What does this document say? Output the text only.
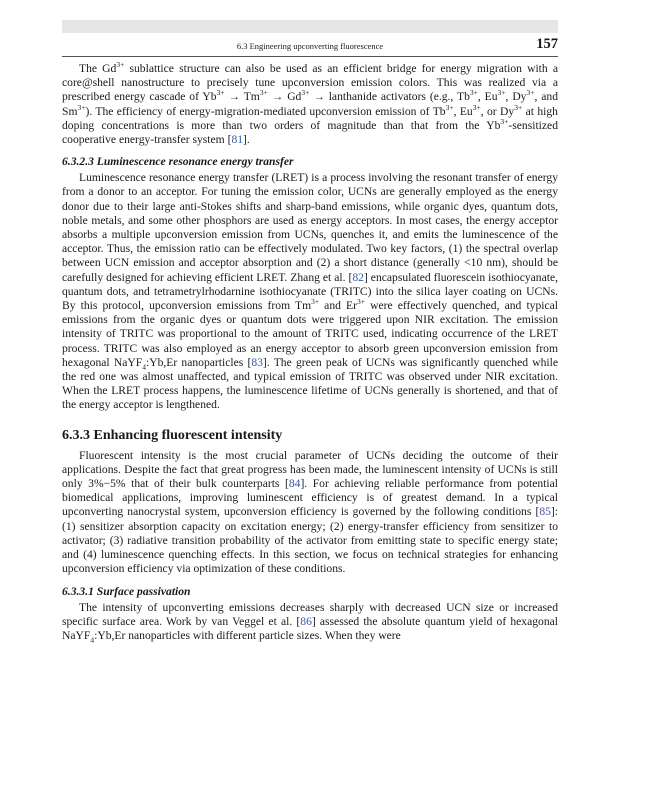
6.3 Engineering upconverting fluorescence	157

The $Gd^{3+}$ sublattice structure can also be used as an efficient bridge for energy migration with a core@shell nanostructure to precisely tune upconversion emission colors. This was realized via a prescribed energy cascade of $Yb^{3+} \to Tm^{3+} \to Gd^{3+}$ → lanthanide activators (e.g., $Tb^{3+}$, $Eu^{3+}$, $Dy^{3+}$, and $Sm^{3+}$). The efficiency of energy-migration-mediated upconversion emission of $Tb^{3+}$, $Eu^{3+}$, or $Dy^{3+}$ at high doping concentrations is more than two orders of magnitude than that from the $Yb^{3+}$-sensitized cooperative energy-transfer system [81].

6.3.2.3 Luminescence resonance energy transfer

Luminescence resonance energy transfer (LRET) is a process involving the resonant transfer of energy from a donor to an acceptor. For tuning the emission color, UCNs are generally employed as the energy donor due to their large anti-Stokes shifts and sharp-band emissions, while organic dyes, quantum dots, noble metals, and some other phosphors are used as energy acceptors. In most cases, the energy acceptor absorbs a multiple upconversion emission from UCNs, quenches it, and emits the luminescence of the acceptor. Thus, the emission ratio can be effectively modulated. Two key factors, (1) the spectral overlap between UCN emission and acceptor absorption and (2) a short distance (generally <10 nm), should be carefully designed for achieving efficient LRET. Zhang et al. [82] encapsulated fluorescein isothiocyanate, quantum dots, and tetrametrylrhodarnine isothiocyanate (TRITC) into the silica layer coating on UCNs. By this protocol, upconversion emissions from $Tm^{3+}$ and $Er^{3+}$ were effectively quenched, and typical emissions from the organic dyes or quantum dots were triggered upon NIR excitation. The emission intensity of TRITC was proportional to the amount of TRITC used, indicating occurrence of the LRET process. TRITC was also employed as an energy acceptor to absorb green upconversion emission from hexagonal NaYF$_4$:Yb,Er nanoparticles [83]. The green peak of UCNs was significantly quenched while the red one was almost unaffected, and typical emission of TRITC was observed under NIR excitation. When the LRET process happens, the luminescence lifetime of UCNs generally is shortened, and that of the energy acceptor is lengthened.

6.3.3 Enhancing fluorescent intensity

Fluorescent intensity is the most crucial parameter of UCNs deciding the outcome of their applications. Despite the fact that great progress has been made, the luminescent intensity of UCNs is still only 3%−5% that of their bulk counterparts [84]. For achieving reliable performance from potential biomedical applications, improving luminescent efficiency is of greatest demand. In a typical upconverting nanocrystal system, upconversion efficiency is governed by the following conditions [85]: (1) sensitizer absorption capacity on excitation energy; (2) energy-transfer efficiency from sensitizer to activator; (3) radiative transition probability of the activator from emitting state to specific energy state; and (4) luminescence quenching effects. In this section, we focus on technical strategies for enhancing upconversion efficiency via optimization of these conditions.

6.3.3.1 Surface passivation

The intensity of upconverting emissions decreases sharply with decreased UCN size or increased specific surface area. Work by van Veggel et al. [86] assessed the absolute quantum yield of hexagonal NaYF$_4$:Yb,Er nanoparticles with different particle sizes. When they were
